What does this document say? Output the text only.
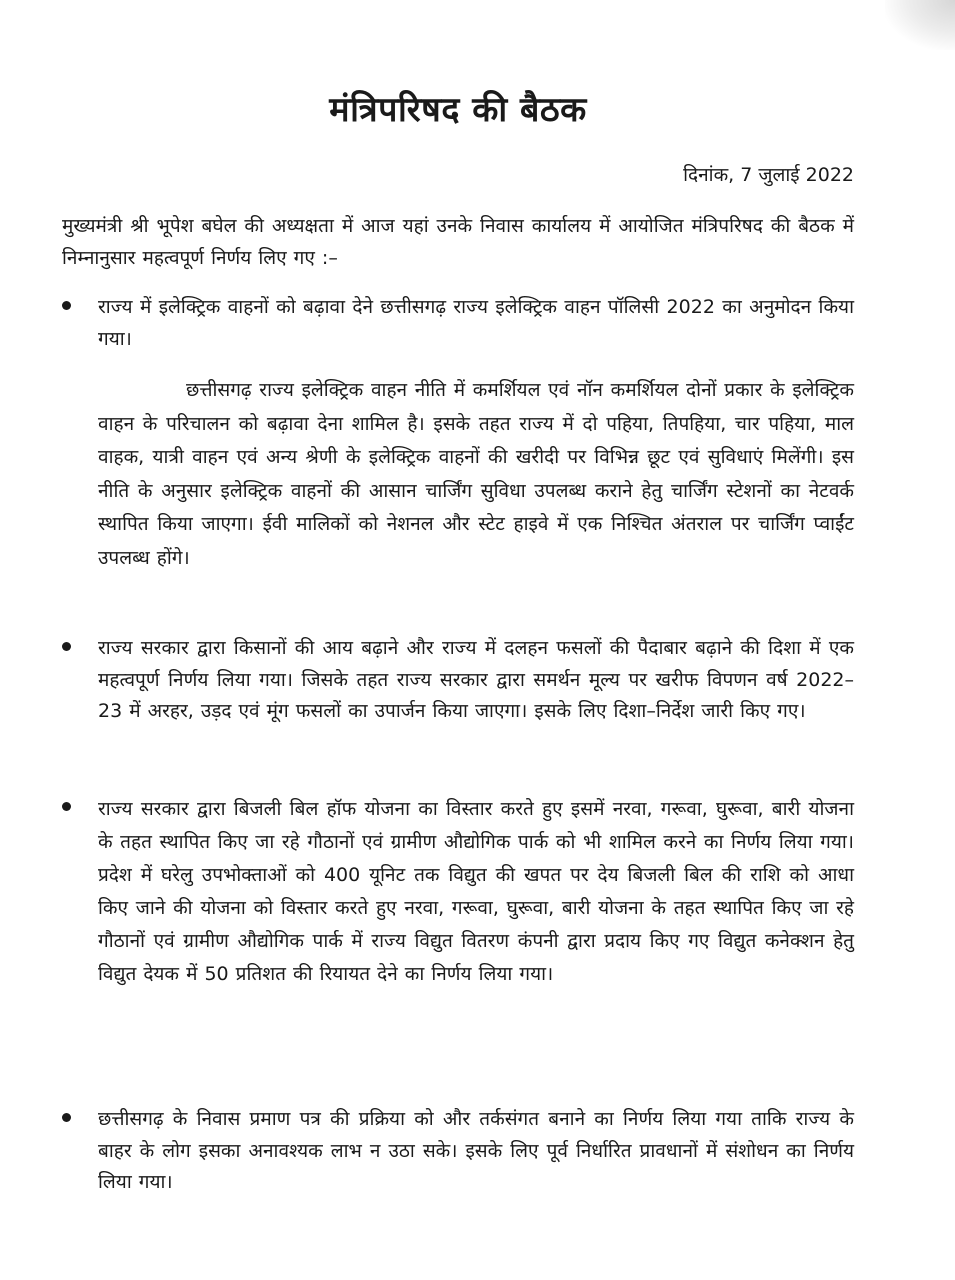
मंत्रिपरिषद की बैठक
दिनांक, 7 जुलाई 2022

मुख्यमंत्री श्री भूपेश बघेल की अध्यक्षता में आज यहां उनके निवास कार्यालय में आयोजित मंत्रिपरिषद की बैठक में निम्नानुसार महत्वपूर्ण निर्णय लिए गए :–

राज्य में इलेक्ट्रिक वाहनों को बढ़ावा देने छत्तीसगढ़ राज्य इलेक्ट्रिक वाहन पॉलिसी 2022 का अनुमोदन किया गया।

छत्तीसगढ़ राज्य इलेक्ट्रिक वाहन नीति में कमर्शियल एवं नॉन कमर्शियल दोनों प्रकार के इलेक्ट्रिक वाहन के परिचालन को बढ़ावा देना शामिल है। इसके तहत राज्य में दो पहिया, तिपहिया, चार पहिया, माल वाहक, यात्री वाहन एवं अन्य श्रेणी के इलेक्ट्रिक वाहनों की खरीदी पर विभिन्न छूट एवं सुविधाएं मिलेंगी। इस नीति के अनुसार इलेक्ट्रिक वाहनों की आसान चार्जिंग सुविधा उपलब्ध कराने हेतु चार्जिंग स्टेशनों का नेटवर्क स्थापित किया जाएगा। ईवी मालिकों को नेशनल और स्टेट हाइवे में एक निश्चित अंतराल पर चार्जिंग प्वाईंट उपलब्ध होंगे।

राज्य सरकार द्वारा किसानों की आय बढ़ाने और राज्य में दलहन फसलों की पैदाबार बढ़ाने की दिशा में एक महत्वपूर्ण निर्णय लिया गया। जिसके तहत राज्य सरकार द्वारा समर्थन मूल्य पर खरीफ विपणन वर्ष 2022–23 में अरहर, उड़द एवं मूंग फसलों का उपार्जन किया जाएगा। इसके लिए दिशा–निर्देश जारी किए गए।

राज्य सरकार द्वारा बिजली बिल हॉफ योजना का विस्तार करते हुए इसमें नरवा, गरूवा, घुरूवा, बारी योजना के तहत स्थापित किए जा रहे गौठानों एवं ग्रामीण औद्योगिक पार्क को भी शामिल करने का निर्णय लिया गया। प्रदेश में घरेलु उपभोक्ताओं को 400 यूनिट तक विद्युत की खपत पर देय बिजली बिल की राशि को आधा किए जाने की योजना को विस्तार करते हुए नरवा, गरूवा, घुरूवा, बारी योजना के तहत स्थापित किए जा रहे गौठानों एवं ग्रामीण औद्योगिक पार्क में राज्य विद्युत वितरण कंपनी द्वारा प्रदाय किए गए विद्युत कनेक्शन हेतु विद्युत देयक में 50 प्रतिशत की रियायत देने का निर्णय लिया गया।

छत्तीसगढ़ के निवास प्रमाण पत्र की प्रक्रिया को और तर्कसंगत बनाने का निर्णय लिया गया ताकि राज्य के बाहर के लोग इसका अनावश्यक लाभ न उठा सके। इसके लिए पूर्व निर्धारित प्रावधानों में संशोधन का निर्णय लिया गया।
